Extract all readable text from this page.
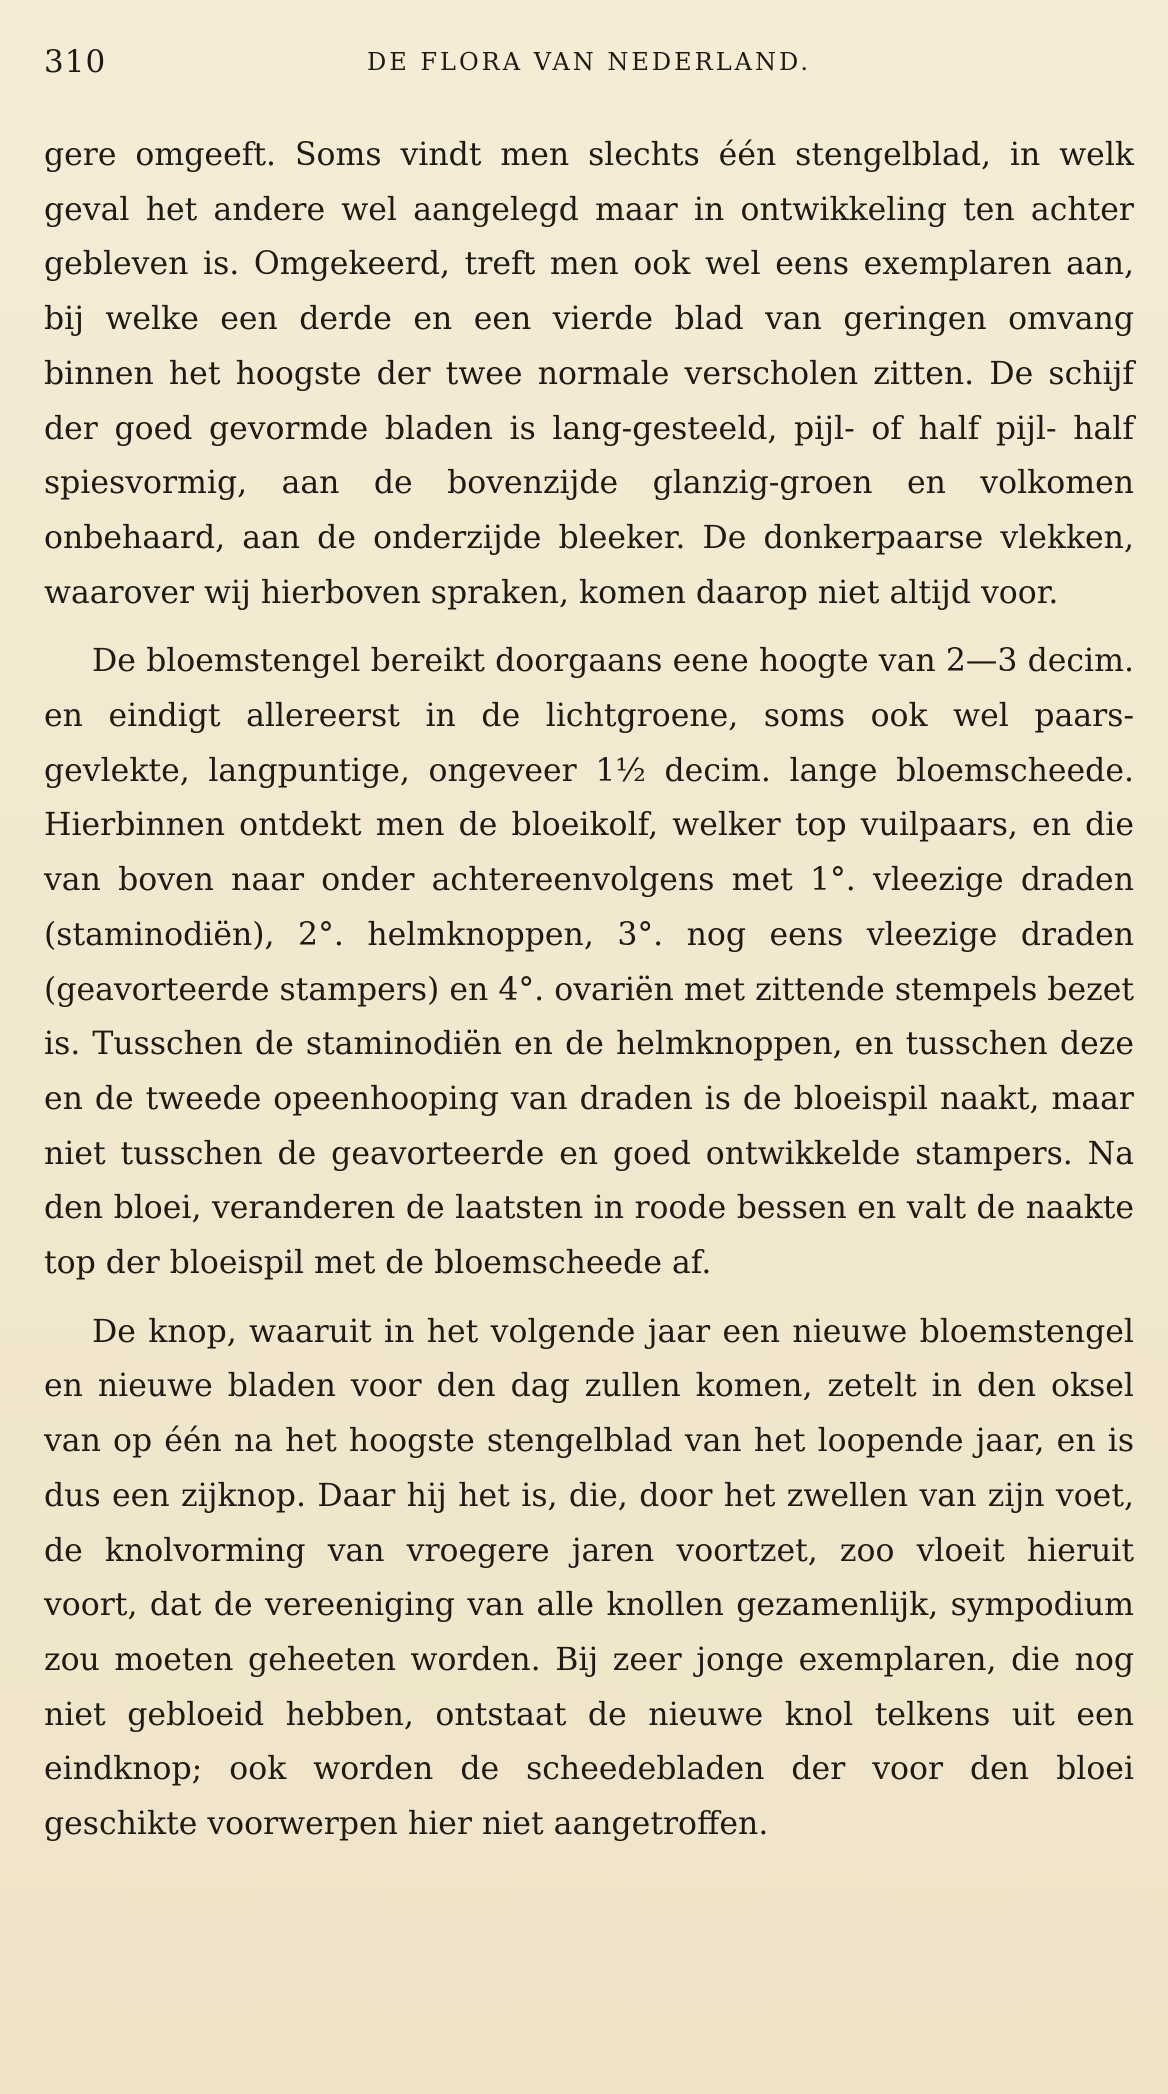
310	DE FLORA VAN NEDERLAND.

gere omgeeft. Soms vindt men slechts één stengelblad, in welk geval het andere wel aangelegd maar in ontwikkeling ten achter gebleven is. Omgekeerd, treft men ook wel eens exemplaren aan, bij welke een derde en een vierde blad van geringen omvang binnen het hoogste der twee normale verscholen zitten. De schijf der goed gevormde bladen is lang-gesteeld, pijl- of half pijl- half spiesvormig, aan de bovenzijde glanzig-groen en volkomen onbehaard, aan de onderzijde bleeker. De donkerpaarse vlekken, waarover wij hierboven spraken, komen daarop niet altijd voor.

De bloemstengel bereikt doorgaans eene hoogte van 2—3 decim. en eindigt allereerst in de lichtgroene, soms ook wel paars-gevlekte, langpuntige, ongeveer 1½ decim. lange bloemscheede. Hierbinnen ontdekt men de bloeikolf, welker top vuilpaars, en die van boven naar onder achtereenvolgens met 1°. vleezige draden (staminodiën), 2°. helmknoppen, 3°. nog eens vleezige draden (geavorteerde stampers) en 4°. ovariën met zittende stempels bezet is. Tusschen de staminodiën en de helmknoppen, en tusschen deze en de tweede opeenhooping van draden is de bloeispil naakt, maar niet tusschen de geavorteerde en goed ontwikkelde stampers. Na den bloei, veranderen de laatsten in roode bessen en valt de naakte top der bloeispil met de bloemscheede af.

De knop, waaruit in het volgende jaar een nieuwe bloemstengel en nieuwe bladen voor den dag zullen komen, zetelt in den oksel van op één na het hoogste stengelblad van het loopende jaar, en is dus een zijknop. Daar hij het is, die, door het zwellen van zijn voet, de knolvorming van vroegere jaren voortzet, zoo vloeit hieruit voort, dat de vereeniging van alle knollen gezamenlijk, sympodium zou moeten geheeten worden. Bij zeer jonge exemplaren, die nog niet gebloeid hebben, ontstaat de nieuwe knol telkens uit een eindknop; ook worden de scheedebladen der voor den bloei geschikte voorwerpen hier niet aangetroffen.
